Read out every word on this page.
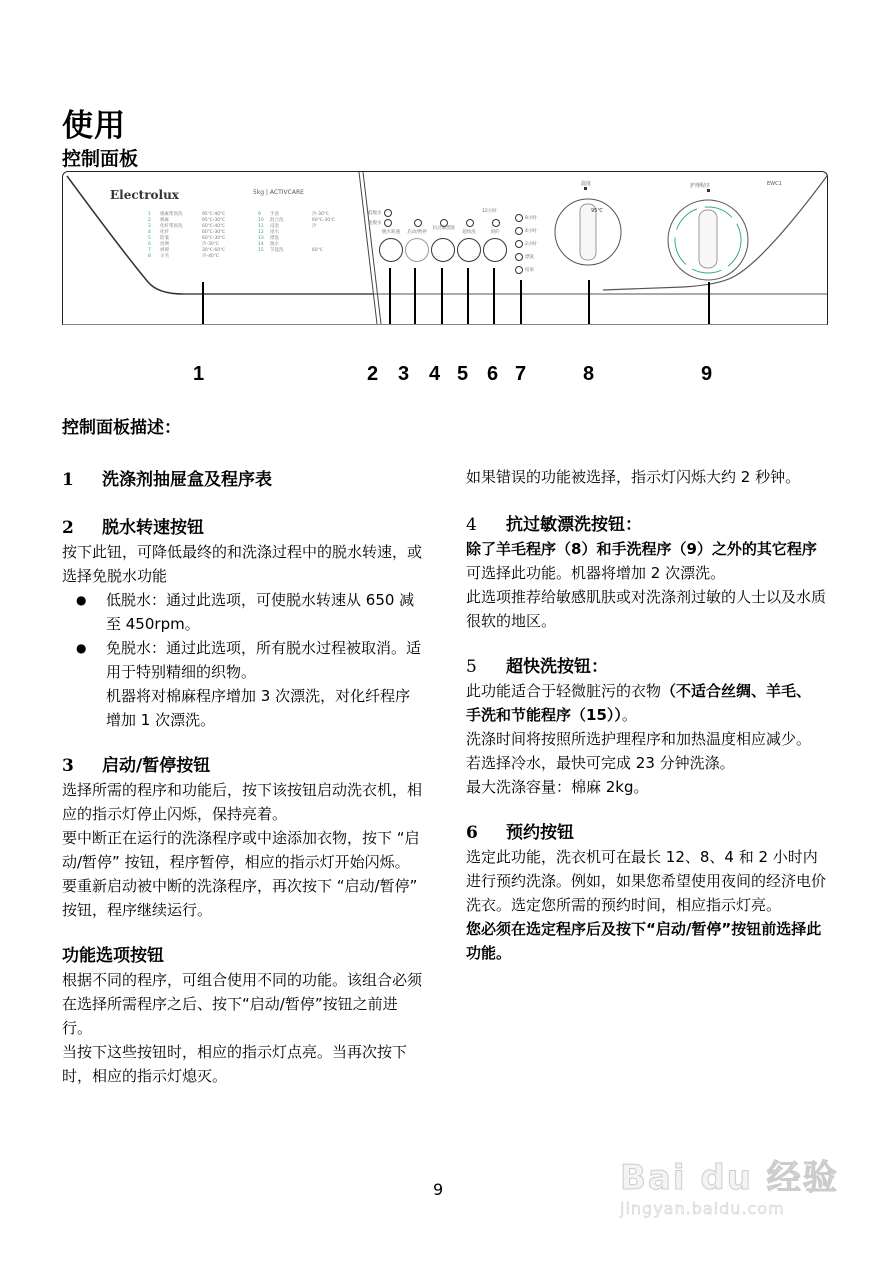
使用
控制面板
Electrolux	5kg | ACTIVCARE
1	棉麻帮预洗	95℃-40℃
2	棉麻	95℃-30℃
3	化纤帮预洗	60℃-40℃
4	化纤	60℃-30℃
5	防皱	60℃-30℃
6	丝绸	冷-30℃
7	被褥	30℃-60℃
8	羊毛	冷-40℃
9	手洗	冷-30℃
10	混合洗	60℃-30℃
11	浸泡	冷
12	排水
13	漂洗
14	脱水
15	节能洗	60℃
低脱水
免脱水
12小时
脱水转速	启动/暂停
抗过敏漂洗
超快洗	预约
8小时
4小时
2小时
漂洗
结束
温度
95℃
护理程序	EWC1
1	2 3 4 5 6 7	8	9
控制面板描述：
1 洗涤剂抽屉盒及程序表
2 脱水转速按钮

按下此钮，可降低最终的和洗涤过程中的脱水转速，或选择免脱水功能

● 低脱水：通过此选项，可使脱水转速从 650 减至 450rpm。

● 免脱水：通过此选项，所有脱水过程被取消。适用于特别精细的织物。

机器将对棉麻程序增加 3 次漂洗，对化纤程序增加 1 次漂洗。

3 启动/暂停按钮

选择所需的程序和功能后，按下该按钮启动洗衣机，相应的指示灯停止闪烁，保持亮着。

要中断正在运行的洗涤程序或中途添加衣物，按下 “启动/暂停” 按钮，程序暂停，相应的指示灯开始闪烁。

要重新启动被中断的洗涤程序，再次按下 “启动/暂停” 按钮，程序继续运行。

功能选项按钮

根据不同的程序，可组合使用不同的功能。该组合必须在选择所需程序之后、按下“启动/暂停”按钮之前进行。

当按下这些按钮时，相应的指示灯点亮。当再次按下时，相应的指示灯熄灭。

如果错误的功能被选择，指示灯闪烁大约 2 秒钟。

4 抗过敏漂洗按钮：

除了羊毛程序（8）和手洗程序（9）之外的其它程序可选择此功能。机器将增加 2 次漂洗。

此选项推荐给敏感肌肤或对洗涤剂过敏的人士以及水质很软的地区。

5 超快洗按钮：

此功能适合于轻微脏污的衣物（不适合丝绸、羊毛、手洗和节能程序（15））。

洗涤时间将按照所选护理程序和加热温度相应减少。

若选择冷水，最快可完成 23 分钟洗涤。

最大洗涤容量：棉麻 2kg。

6 预约按钮

选定此功能，洗衣机可在最长 12、8、4 和 2 小时内进行预约洗涤。例如，如果您希望使用夜间的经济电价洗衣。选定您所需的预约时间，相应指示灯亮。

您必须在选定程序后及按下“启动/暂停”按钮前选择此功能。

9	Bai du 经验
jingyan.baidu.com
